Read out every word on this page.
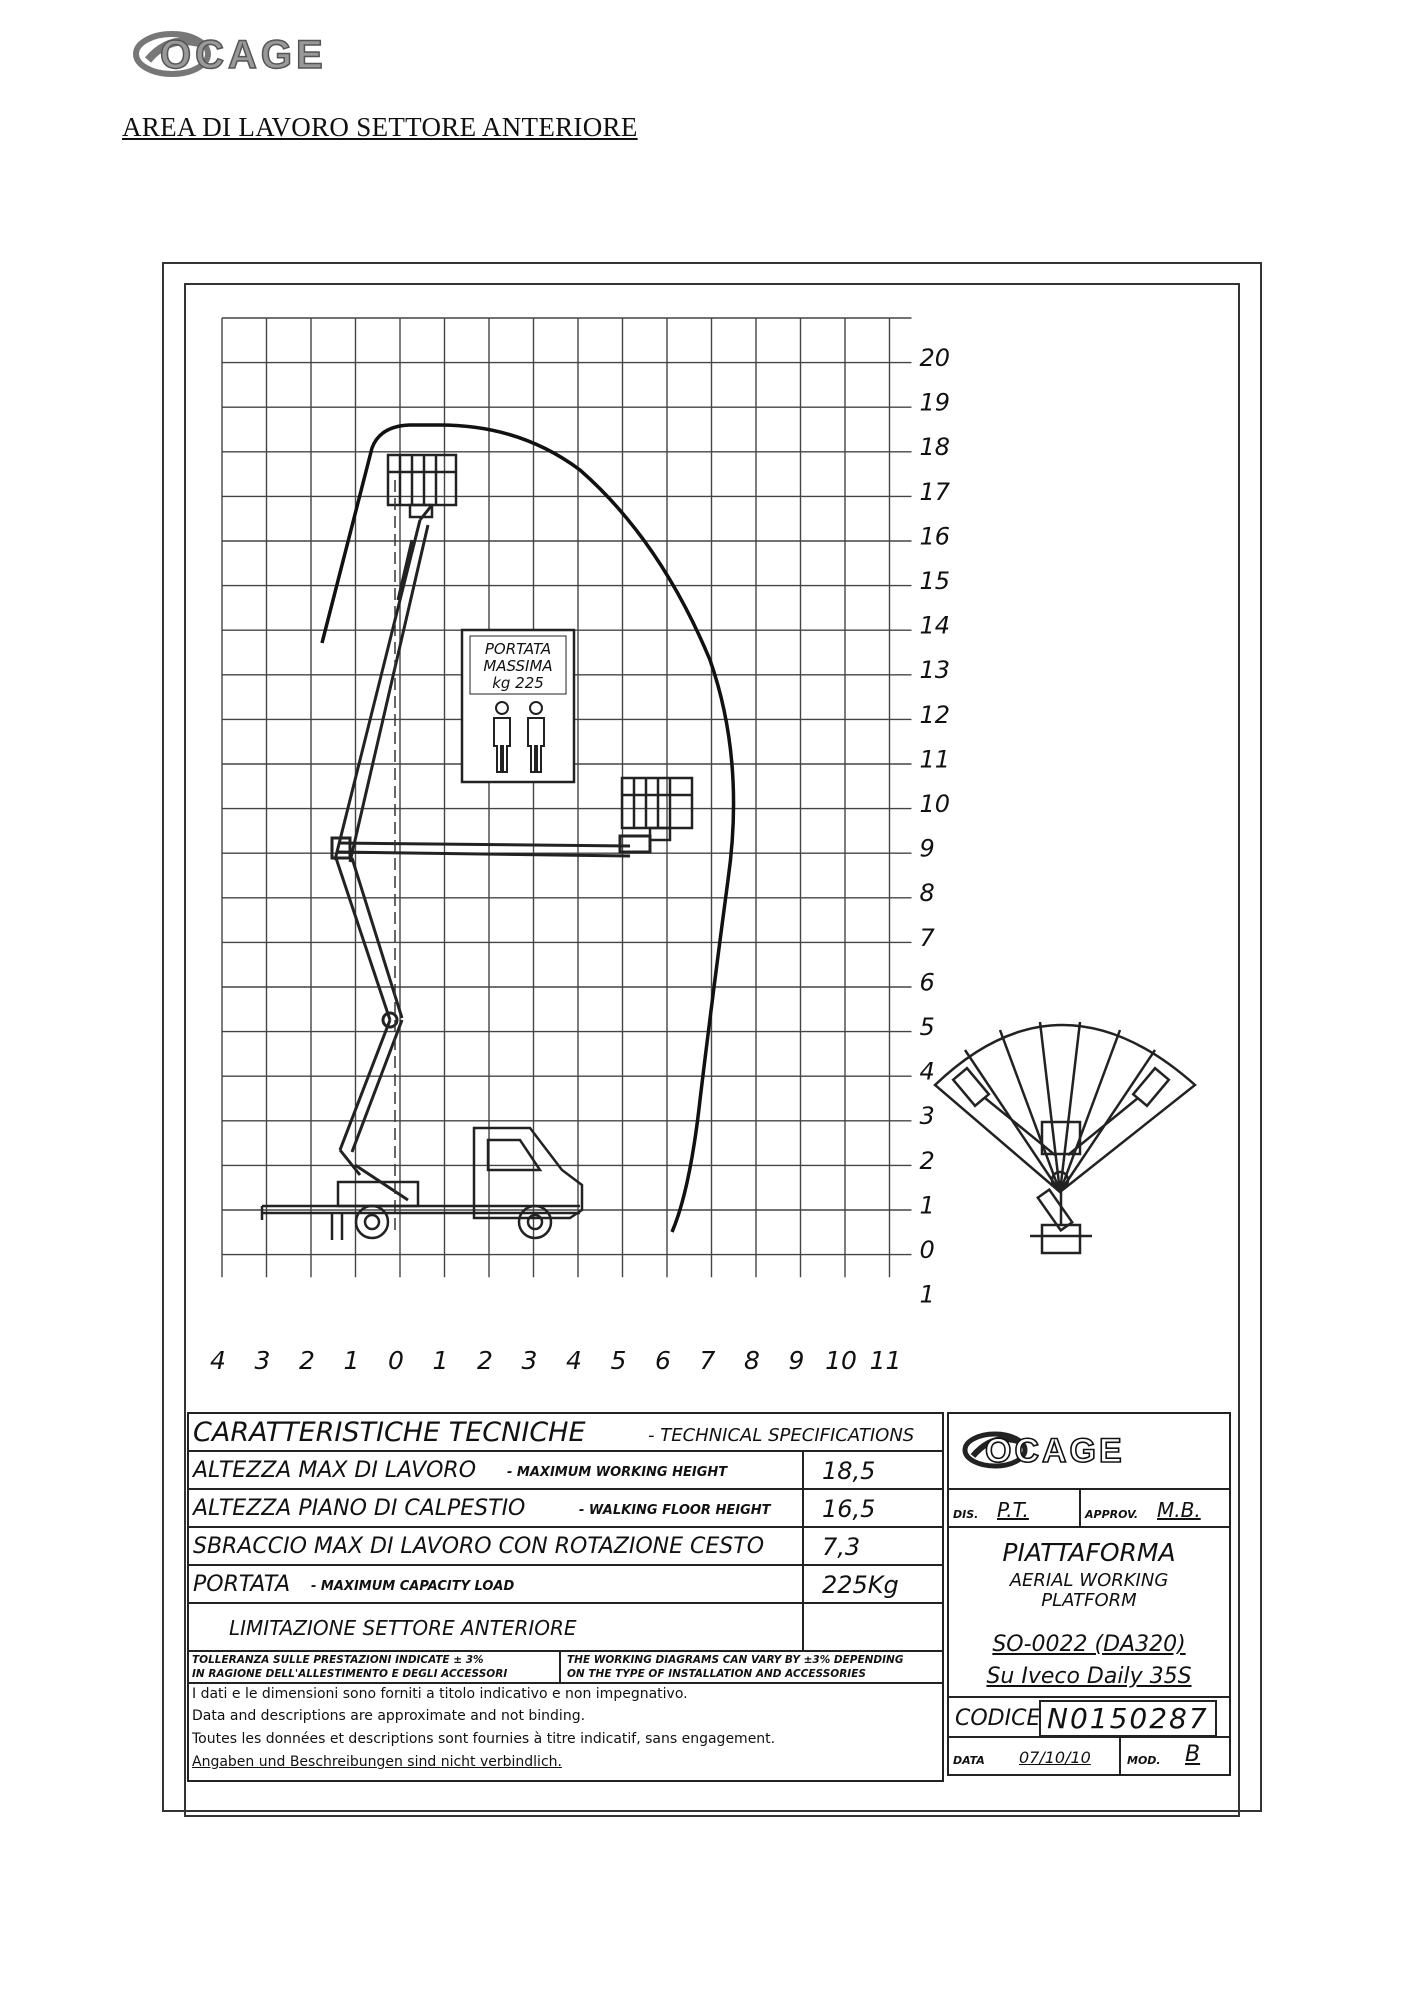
OCAGE
AREA DI LAVORO SETTORE ANTERIORE
20
19
18
17
16
15
14
13
12
11
10
9
8
7
6
5
4
3
2
1
0
1
4 3 2 1 0 1 2 3 4 5 6 7 8 9 10 11
PORTATA
MASSIMA
kg 225
CARATTERISTICHE TECNICHE	- TECHNICAL SPECIFICATIONS
ALTEZZA MAX DI LAVORO - MAXIMUM WORKING HEIGHT	18,5
ALTEZZA PIANO DI CALPESTIO	- WALKING FLOOR HEIGHT 16,5
SBRACCIO MAX DI LAVORO CON ROTAZIONE CESTO 7,3
PORTATA - MAXIMUM CAPACITY LOAD	225Kg
LIMITAZIONE SETTORE ANTERIORE
TOLLERANZA SULLE PRESTAZIONI INDICATE ± 3%
IN RAGIONE DELL'ALLESTIMENTO E DEGLI ACCESSORI
THE WORKING DIAGRAMS CAN VARY BY ±3% DEPENDING
ON THE TYPE OF INSTALLATION AND ACCESSORIES
I dati e le dimensioni sono forniti a titolo indicativo e non impegnativo.
Data and descriptions are approximate and not binding.
Toutes les données et descriptions sont fournies à titre indicatif, sans engagement.
Angaben und Beschreibungen sind nicht verbindlich.
OCAGE
DIS. P.T.	APPROV. M.B.
PIATTAFORMA
AERIAL WORKING
PLATFORM
SO-0022 (DA320)
Su Iveco Daily 35S
CODICE N0150287
DATA 07/10/10	MOD. B
